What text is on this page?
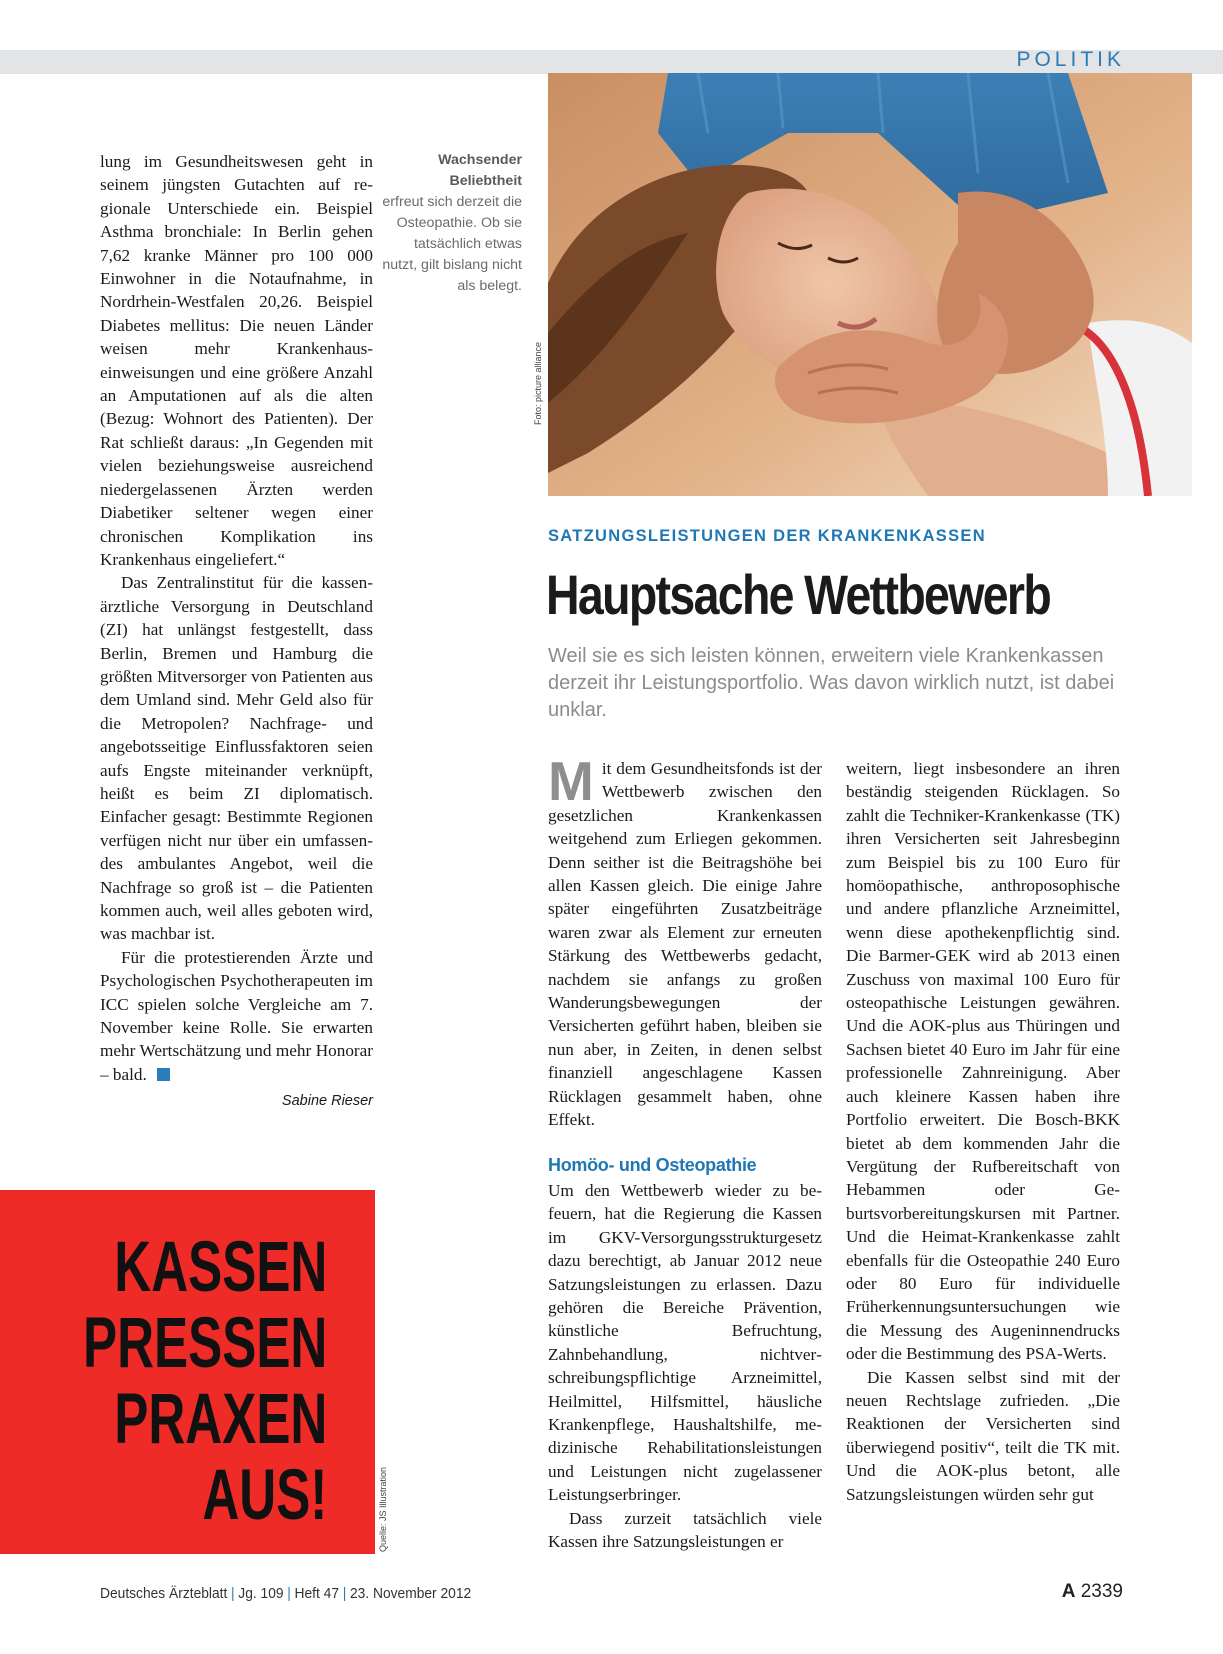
POLITIK

lung im Gesundheitswesen geht in seinem jüngsten Gutachten auf regionale Unterschiede ein. Beispiel Asthma bronchiale: In Berlin gehen 7,62 kranke Männer pro 100 000 Einwohner in die Notaufnahme, in Nordrhein-Westfalen 20,26. Beispiel Diabetes mellitus: Die neuen Länder weisen mehr Krankenhauseinweisungen und eine größere Anzahl an Amputationen auf als die alten (Bezug: Wohnort des Patienten). Der Rat schließt daraus: „In Gegenden mit vielen beziehungsweise ausreichend niedergelassenen Ärzten werden Diabetiker seltener wegen einer chronischen Komplikation ins Krankenhaus eingeliefert.“

Das Zentralinstitut für die kassenärztliche Versorgung in Deutschland (ZI) hat unlängst festgestellt, dass Berlin, Bremen und Hamburg die größten Mitversorger von Patienten aus dem Umland sind. Mehr Geld also für die Metropolen? Nachfrage- und angebotsseitige Einflussfaktoren seien aufs Engste miteinander verknüpft, heißt es beim ZI diplomatisch. Einfacher gesagt: Bestimmte Regionen verfügen nicht nur über ein umfassendes ambulantes Angebot, weil die Nachfrage so groß ist – die Patienten kommen auch, weil alles geboten wird, was machbar ist.

Für die protestierenden Ärzte und Psychologischen Psychotherapeuten im ICC spielen solche Vergleiche am 7. November keine Rolle. Sie erwarten mehr Wertschätzung und mehr Honorar – bald.

Sabine Rieser
Wachsender Beliebtheit
erfreut sich derzeit die Osteopathie. Ob sie tatsächlich etwas nutzt, gilt bislang nicht als belegt.
Foto: picture alliance
SATZUNGSLEISTUNGEN DER KRANKENKASSEN
Hauptsache Wettbewerb
Weil sie es sich leisten können, erweitern viele Krankenkassen derzeit ihr Leistungsportfolio. Was davon wirklich nutzt, ist dabei unklar.

Mit dem Gesundheitsfonds ist der Wettbewerb zwischen den gesetzlichen Krankenkassen weitgehend zum Erliegen gekommen. Denn seither ist die Beitragshöhe bei allen Kassen gleich. Die einige Jahre später eingeführten Zusatzbeiträge waren zwar als Element zur erneuten Stärkung des Wettbewerbs gedacht, nachdem sie anfangs zu großen Wanderungsbewegungen der Versicherten geführt haben, bleiben sie nun aber, in Zeiten, in denen selbst finanziell angeschlagene Kassen Rücklagen gesammelt haben, ohne Effekt.

Homöo- und Osteopathie

Um den Wettbewerb wieder zu befeuern, hat die Regierung die Kassen im GKV-Versorgungsstrukturgesetz dazu berechtigt, ab Januar 2012 neue Satzungsleistungen zu erlassen. Dazu gehören die Bereiche Prävention, künstliche Befruchtung, Zahnbehandlung, nichtverschreibungspflichtige Arzneimittel, Heilmittel, Hilfsmittel, häusliche Krankenpflege, Haushaltshilfe, medizinische Rehabilitationsleistungen und Leistungen nicht zugelassener Leistungserbringer.

Dass zurzeit tatsächlich viele Kassen ihre Satzungsleistungen er

weitern, liegt insbesondere an ihren beständig steigenden Rücklagen. So zahlt die Techniker-Krankenkasse (TK) ihren Versicherten seit Jahresbeginn zum Beispiel bis zu 100 Euro für homöopathische, anthroposophische und andere pflanzliche Arzneimittel, wenn diese apothekenpflichtig sind. Die Barmer-GEK wird ab 2013 einen Zuschuss von maximal 100 Euro für osteopathische Leistungen gewähren. Und die AOK-plus aus Thüringen und Sachsen bietet 40 Euro im Jahr für eine professionelle Zahnreinigung. Aber auch kleinere Kassen haben ihre Portfolio erweitert. Die Bosch-BKK bietet ab dem kommenden Jahr die Vergütung der Rufbereitschaft von Hebammen oder Geburtsvorbereitungskursen mit Partner. Und die Heimat-Krankenkasse zahlt ebenfalls für die Osteopathie 240 Euro oder 80 Euro für individuelle Früherkennungsuntersuchungen wie die Messung des Augeninnendrucks oder die Bestimmung des PSA-Werts.

Die Kassen selbst sind mit der neuen Rechtslage zufrieden. „Die Reaktionen der Versicherten sind überwiegend positiv“, teilt die TK mit. Und die AOK-plus betont, alle Satzungsleistungen würden sehr gut

KASSEN
PRESSEN
PRAXEN
AUS!	Quelle: JS Illustration
Deutsches Ärzteblatt | Jg. 109 | Heft 47 | 23. November 2012	A 2339
